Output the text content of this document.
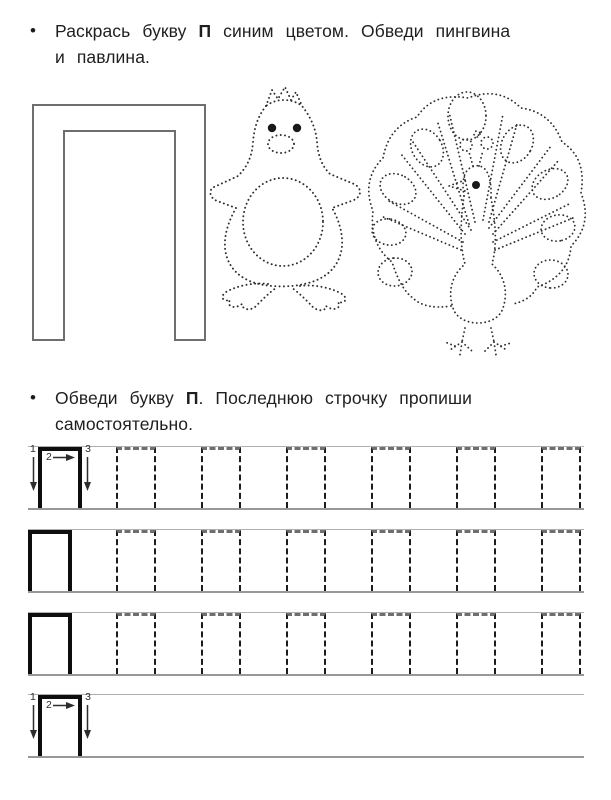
• Раскрась букву П синим цветом. Обведи пингвина
и павлина.
• Обведи букву П. Последнюю строчку пропиши
самостоятельно.
1
2
3
1
2
3
